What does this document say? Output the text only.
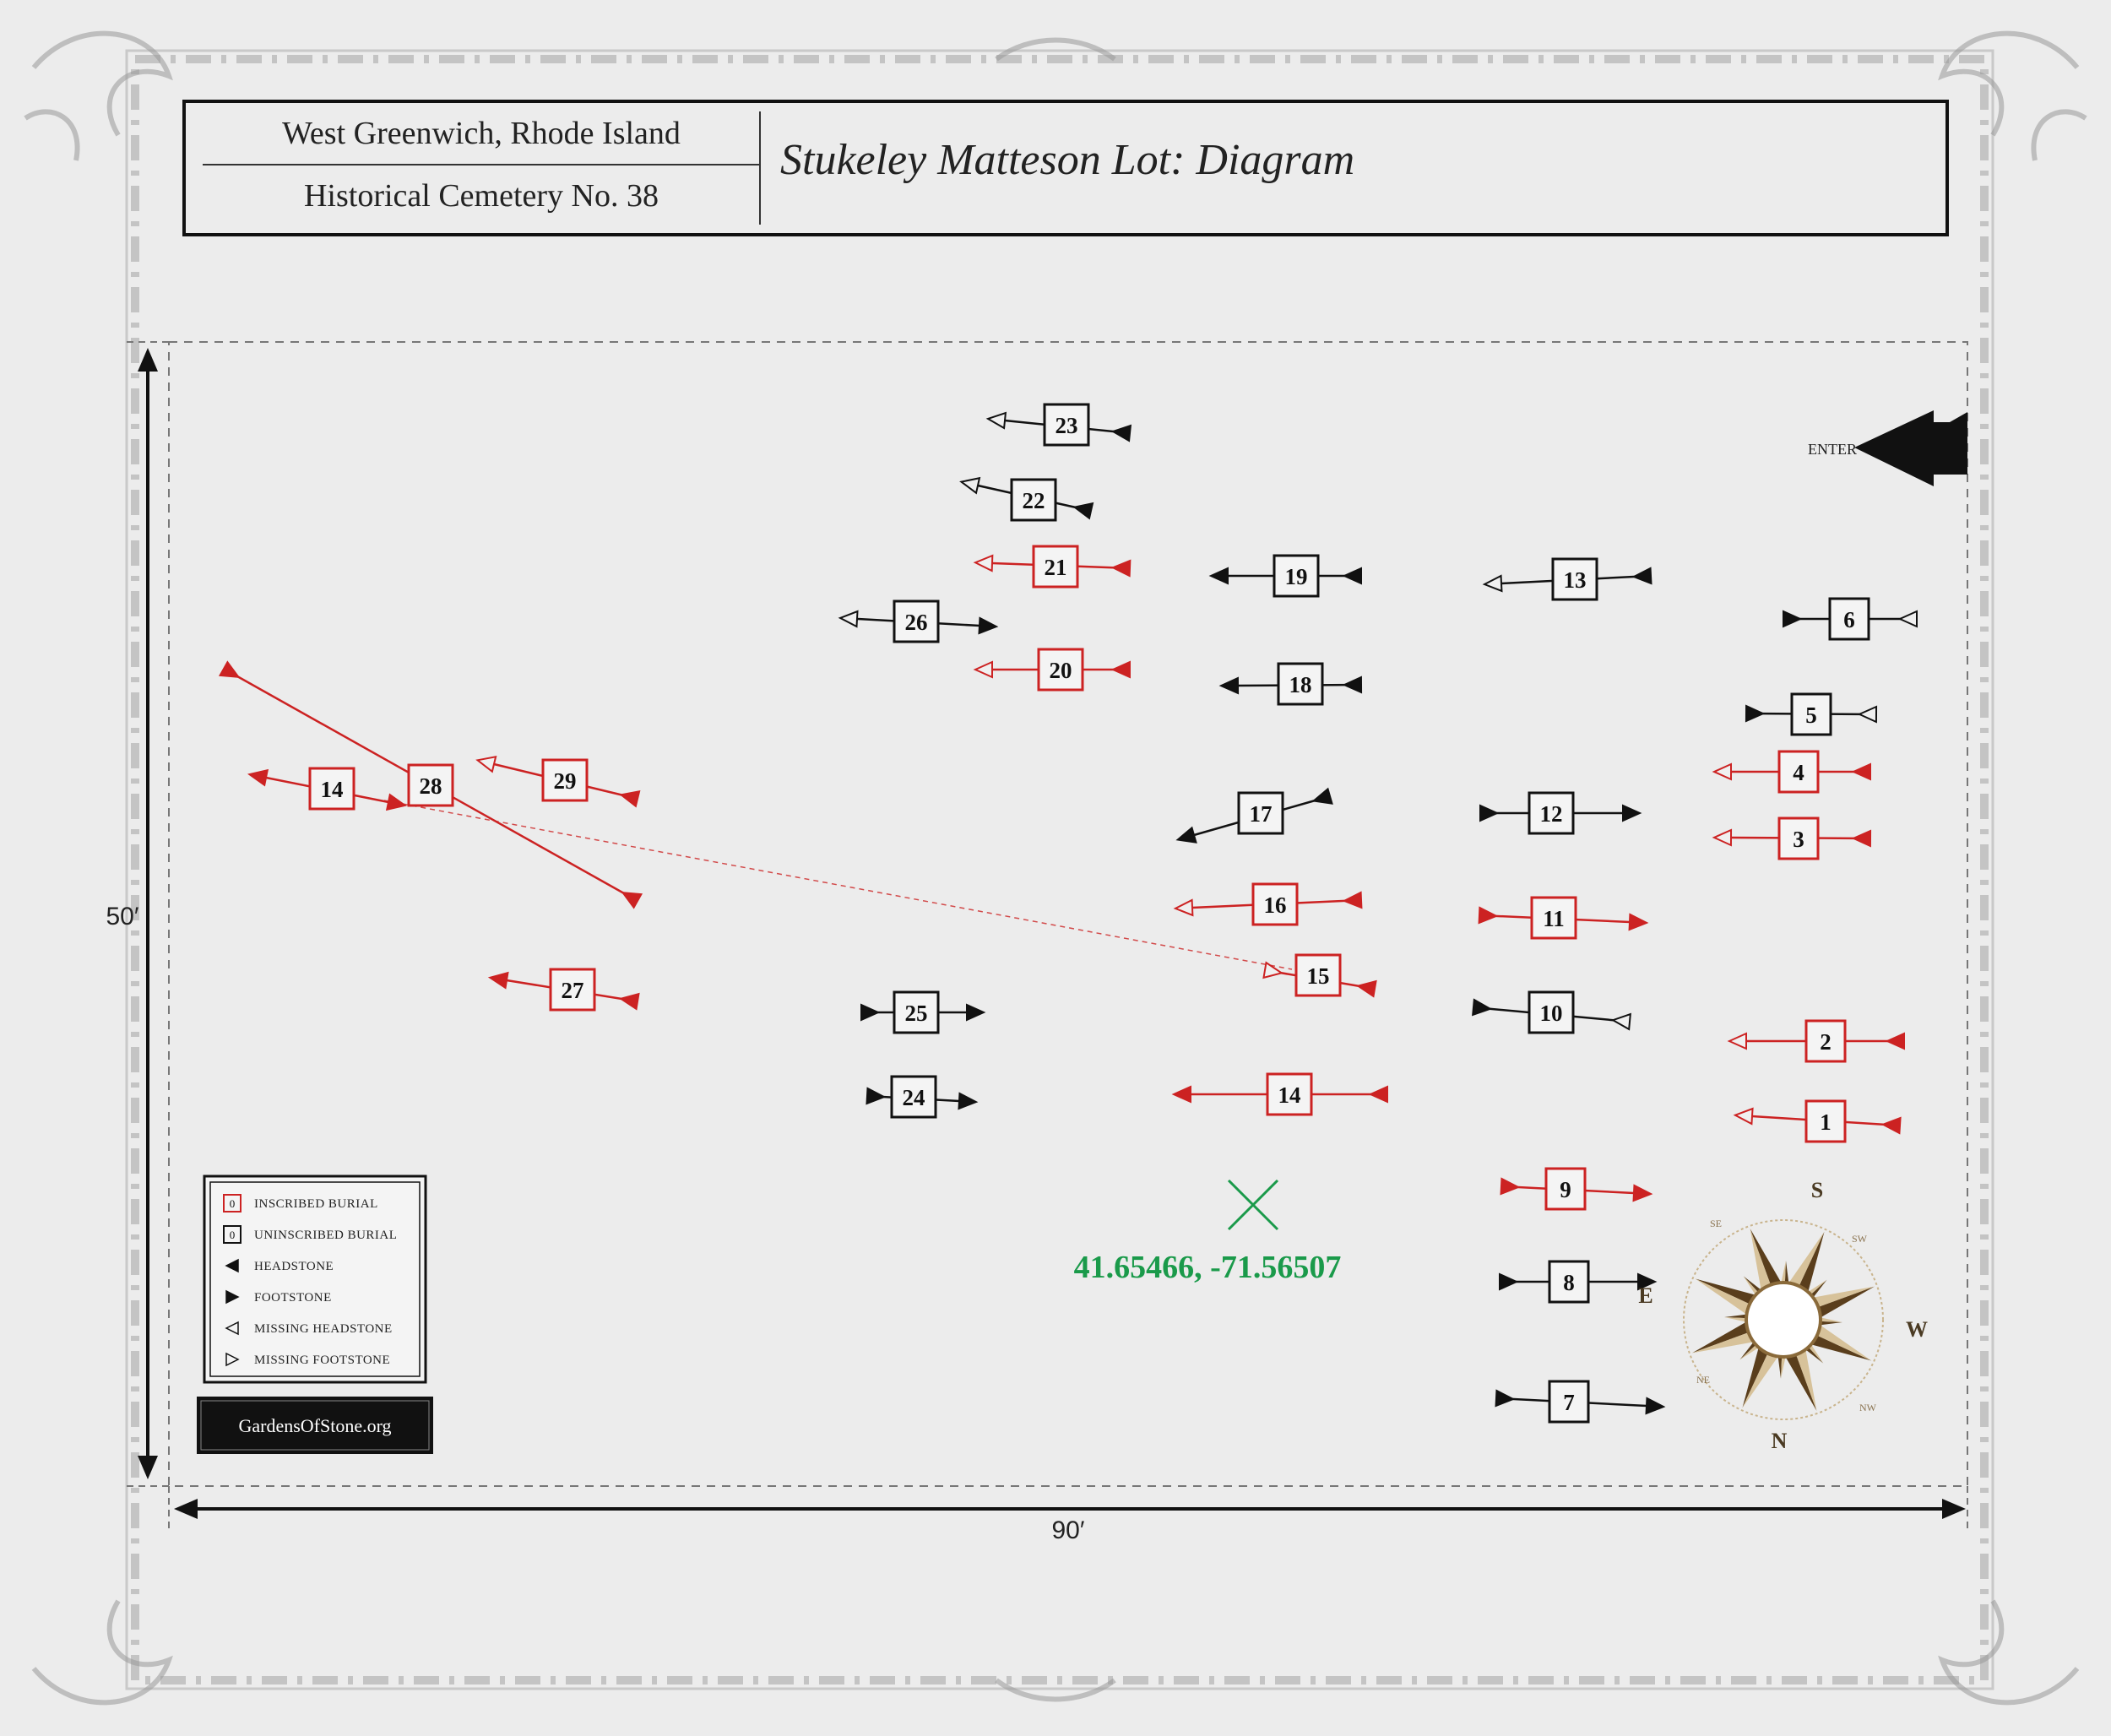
West Greenwich, Rhode Island
Historical Cemetery No. 38
Stukeley Matteson Lot: Diagram
50′
90′
ENTER
1
2
3
4
5
6
7
8
9
10
11
12
13
14
15
16
17
18
19
20
21
22
23
24
25
26
27
28	29
14
41.65466, -71.56507
0 INSCRIBED BURIAL
0 UNINSCRIBED BURIAL
HEADSTONE
FOOTSTONE
MISSING HEADSTONE
MISSING FOOTSTONE
GardensOfStone.org
S
W
N
E
SW
NW
NE
SE
